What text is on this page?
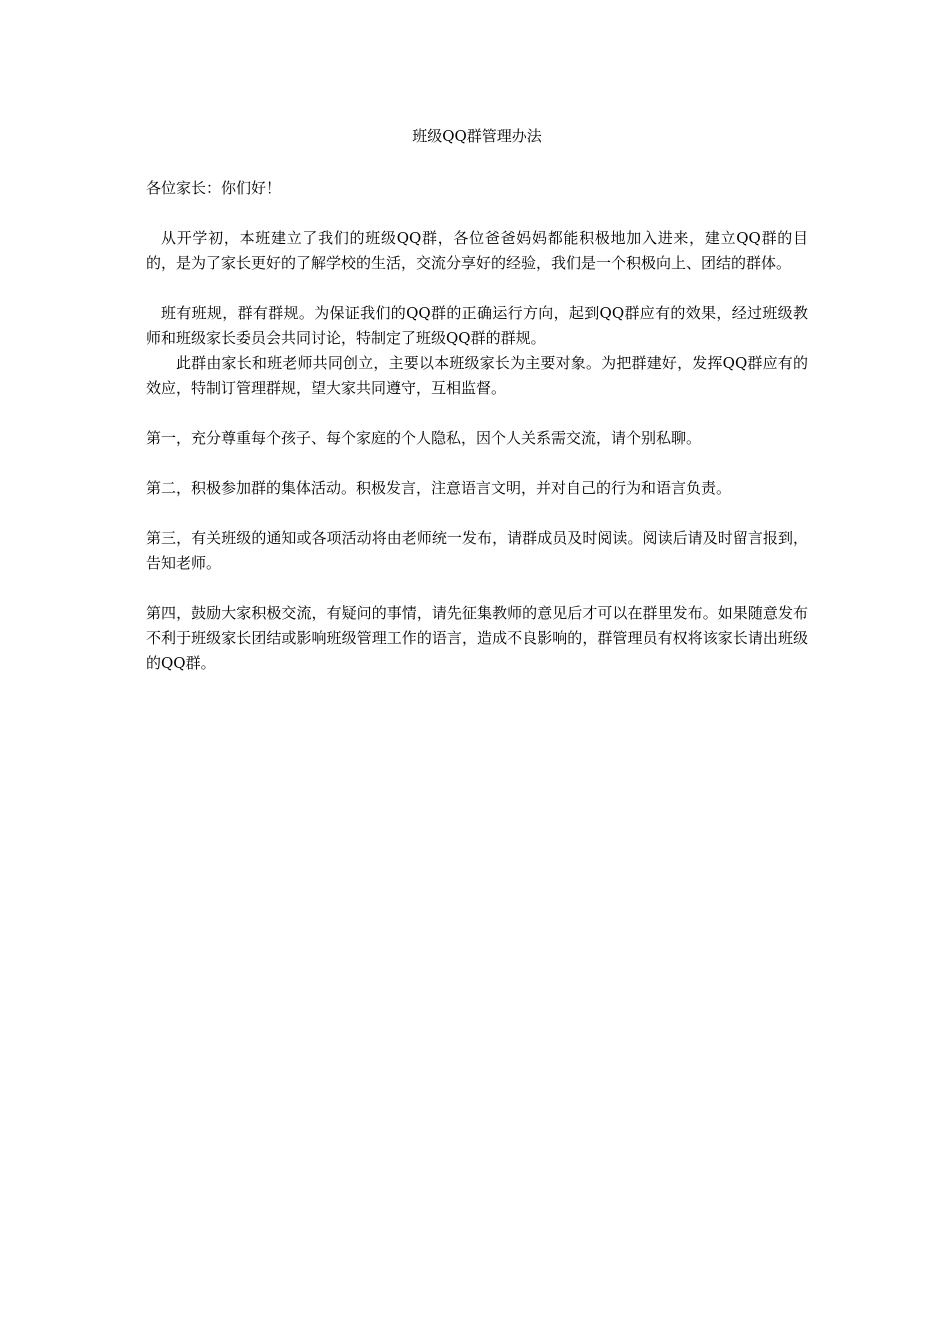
班级QQ群管理办法

各位家长：你们好！

从开学初，本班建立了我们的班级QQ群，各位爸爸妈妈都能积极地加入进来，建立QQ群的目的，是为了家长更好的了解学校的生活，交流分享好的经验，我们是一个积极向上、团结的群体。

班有班规，群有群规。为保证我们的QQ群的正确运行方向，起到QQ群应有的效果，经过班级教师和班级家长委员会共同讨论，特制定了班级QQ群的群规。

此群由家长和班老师共同创立，主要以本班级家长为主要对象。为把群建好，发挥QQ群应有的效应，特制订管理群规，望大家共同遵守，互相监督。

第一，充分尊重每个孩子、每个家庭的个人隐私，因个人关系需交流，请个别私聊。

第二，积极参加群的集体活动。积极发言，注意语言文明，并对自己的行为和语言负责。

第三，有关班级的通知或各项活动将由老师统一发布，请群成员及时阅读。阅读后请及时留言报到，告知老师。

第四，鼓励大家积极交流，有疑问的事情，请先征集教师的意见后才可以在群里发布。如果随意发布不利于班级家长团结或影响班级管理工作的语言，造成不良影响的，群管理员有权将该家长请出班级的QQ群。
